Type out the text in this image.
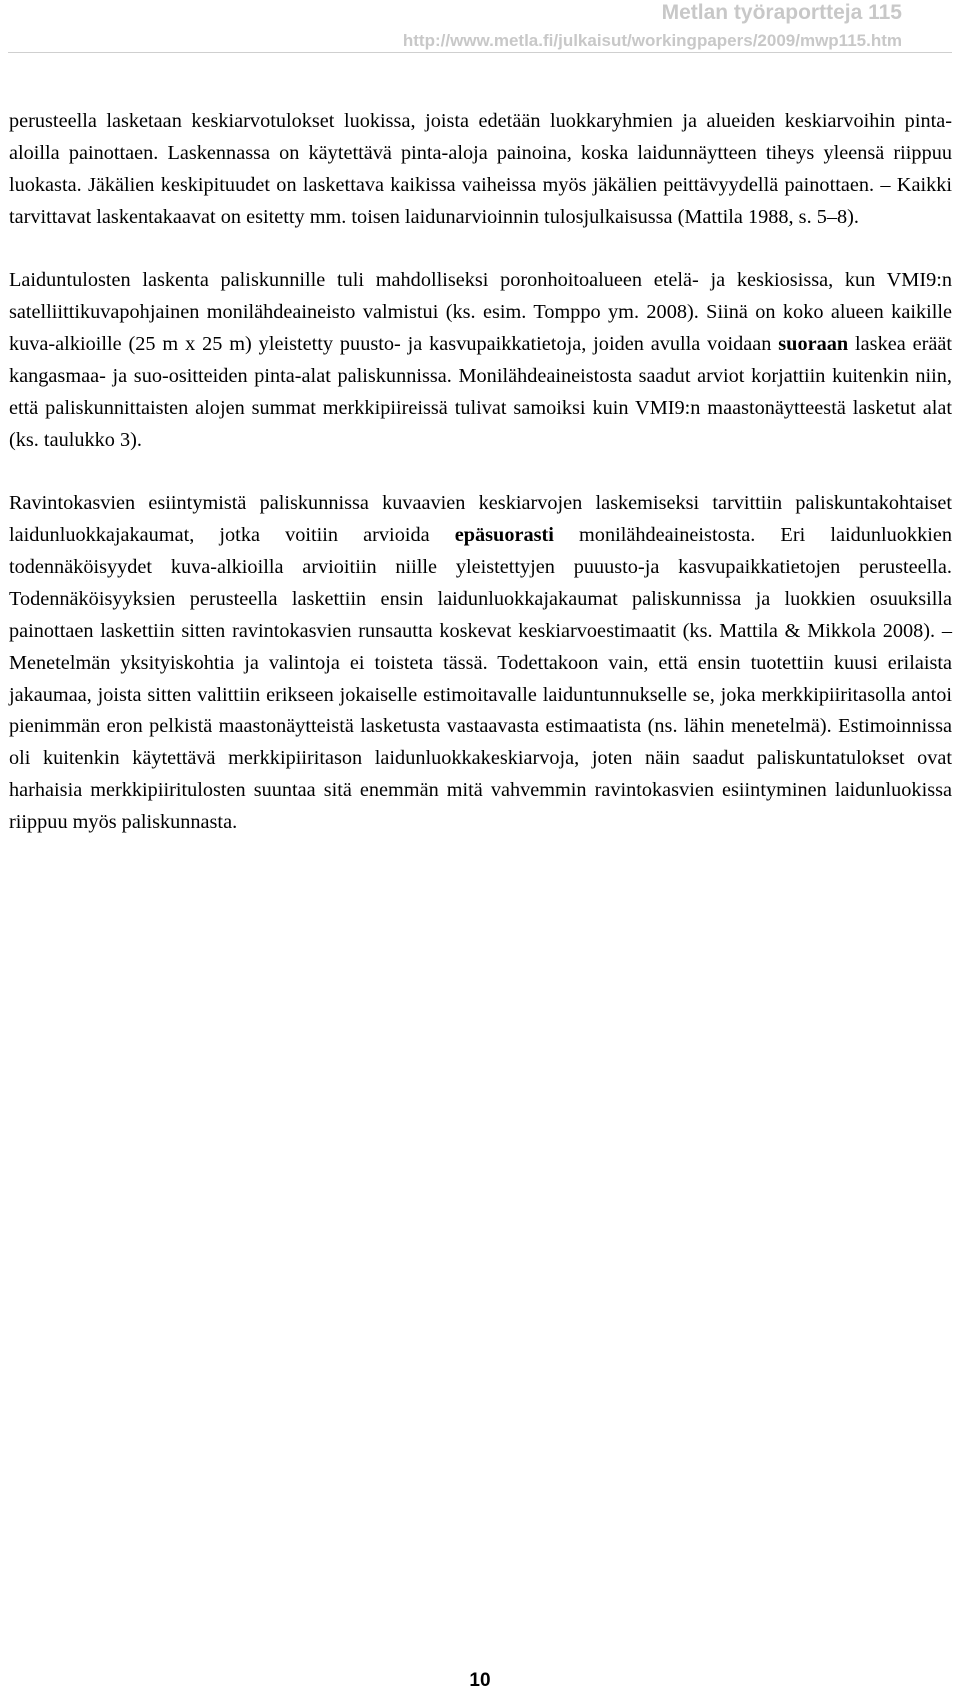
Metlan työraportteja 115
http://www.metla.fi/julkaisut/workingpapers/2009/mwp115.htm

perusteella lasketaan keskiarvotulokset luokissa, joista edetään luokkaryhmien ja alueiden keskiarvoihin pinta-aloilla painottaen. Laskennassa on käytettävä pinta-aloja painoina, koska laidunnäytteen tiheys yleensä riippuu luokasta. Jäkälien keskipituudet on laskettava kaikissa vaiheissa myös jäkälien peittävyydellä painottaen. – Kaikki tarvittavat laskentakaavat on esitetty mm. toisen laidunarvioinnin tulosjulkaisussa (Mattila 1988, s. 5–8).

Laiduntulosten laskenta paliskunnille tuli mahdolliseksi poronhoitoalueen etelä- ja keskiosissa, kun VMI9:n satelliittikuvapohjainen monilähdeaineisto valmistui (ks. esim. Tomppo ym. 2008). Siinä on koko alueen kaikille kuva-alkioille (25 m x 25 m) yleistetty puusto- ja kasvupaikkatietoja, joiden avulla voidaan suoraan laskea eräät kangasmaa- ja suo-ositteiden pinta-alat paliskunnissa. Monilähdeaineistosta saadut arviot korjattiin kuitenkin niin, että paliskunnittaisten alojen summat merkkipiireissä tulivat samoiksi kuin VMI9:n maastonäytteestä lasketut alat (ks. taulukko 3).

Ravintokasvien esiintymistä paliskunnissa kuvaavien keskiarvojen laskemiseksi tarvittiin paliskuntakohtaiset laidunluokkajakaumat, jotka voitiin arvioida epäsuorasti monilähdeaineistosta. Eri laidunluokkien todennäköisyydet kuva-alkioilla arvioitiin niille yleistettyjen puuusto-ja kasvupaikkatietojen perusteella. Todennäköisyyksien perusteella laskettiin ensin laidunluokkajakaumat paliskunnissa ja luokkien osuuksilla painottaen laskettiin sitten ravintokasvien runsautta koskevat keskiarvoestimaatit (ks. Mattila & Mikkola 2008). – Menetelmän yksityiskohtia ja valintoja ei toisteta tässä. Todettakoon vain, että ensin tuotettiin kuusi erilaista jakaumaa, joista sitten valittiin erikseen jokaiselle estimoitavalle laiduntunnukselle se, joka merkkipiiritasolla antoi pienimmän eron pelkistä maastonäytteistä lasketusta vastaavasta estimaatista (ns. lähin menetelmä). Estimoinnissa oli kuitenkin käytettävä merkkipiiritason laidunluokkakeskiarvoja, joten näin saadut paliskuntatulokset ovat harhaisia merkkipiiritulosten suuntaa sitä enemmän mitä vahvemmin ravintokasvien esiintyminen laidunluokissa riippuu myös paliskunnasta.

10
